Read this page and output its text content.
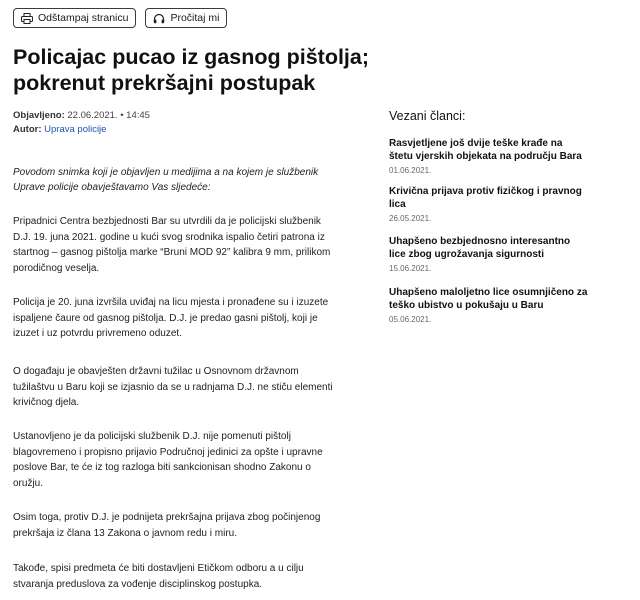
Odštampaj stranicu	Pročitaj mi
Policajac pucao iz gasnog pištolja; pokrenut prekršajni postupak
Objavljeno: 22.06.2021. • 14:45
Autor: Uprava policije

Povodom snimka koji je objavljen u medijima a na kojem je službenik Uprave policije obavještavamo Vas sljedeće:

Pripadnici Centra bezbjednosti Bar su utvrdili da je policijski službenik D.J. 19. juna 2021. godine u kući svog srodnika ispalio četiri patrona iz startnog – gasnog pištolja marke “Bruni MOD 92” kalibra 9 mm, prilikom porodičnog veselja.

Policija je 20. juna izvršila uviđaj na licu mjesta i pronađene su i izuzete ispaljene čaure od gasnog pištolja. D.J. je predao gasni pištolj, koji je izuzet i uz potvrdu privremeno oduzet.

O događaju je obavješten državni tužilac u Osnovnom državnom tužilaštvu u Baru koji se izjasnio da se u radnjama D.J. ne stiču elementi krivičnog djela.

Ustanovljeno je da policijski službenik D.J. nije pomenuti pištolj blagovremeno i propisno prijavio Područnoj jedinici za opšte i upravne poslove Bar, te će iz tog razloga biti sankcionisan shodno Zakonu o oružju.

Osim toga, protiv D.J. je podnijeta prekršajna prijava zbog počinjenog prekršaja iz člana 13 Zakona o javnom redu i miru.

Takođe, spisi predmeta će biti dostavljeni Etičkom odboru a u cilju stvaranja preduslova za vođenje disciplinskog postupka.

Vezani članci:
Rasvjetljene još dvije teške krađe na štetu vjerskih objekata na području Bara
01.06.2021.
Krivična prijava protiv fizičkog i pravnog lica
26.05.2021.
Uhapšeno bezbjednosno interesantno lice zbog ugrožavanja sigurnosti
15.06.2021.
Uhapšeno maloljetno lice osumnjičeno za teško ubistvo u pokušaju u Baru
05.06.2021.
